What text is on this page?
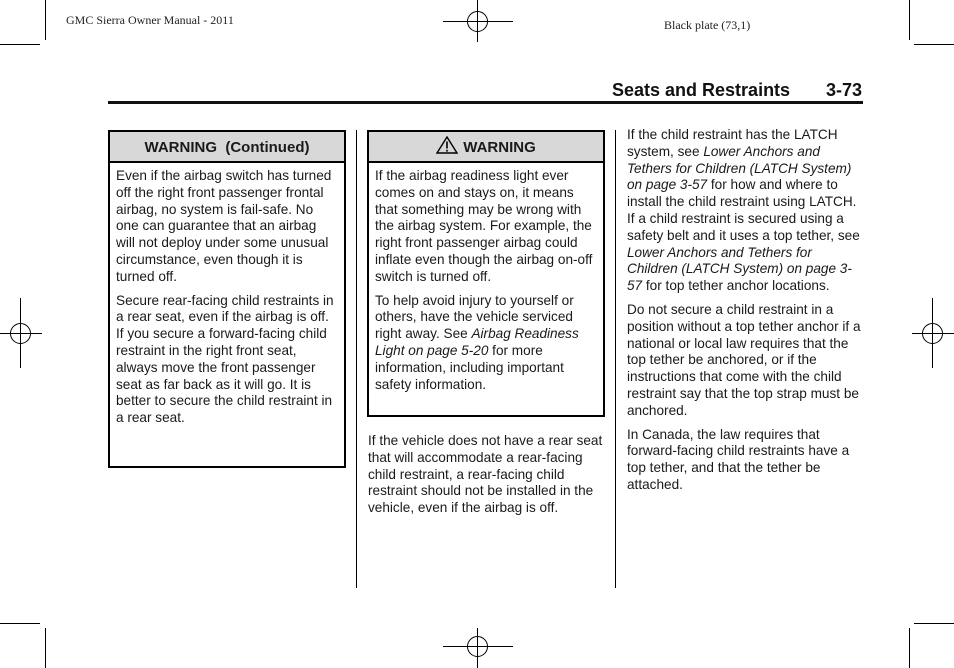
GMC Sierra Owner Manual - 2011	Black plate (73,1)
Seats and Restraints 3-73
WARNING  (Continued)

Even if the airbag switch has turned off the right front passenger frontal airbag, no system is fail-safe. No one can guarantee that an airbag will not deploy under some unusual circumstance, even though it is turned off.

Secure rear-facing child restraints in a rear seat, even if the airbag is off. If you secure a forward-facing child restraint in the right front seat, always move the front passenger seat as far back as it will go. It is better to secure the child restraint in a rear seat.

WARNING

If the airbag readiness light ever comes on and stays on, it means that something may be wrong with the airbag system. For example, the right front passenger airbag could inflate even though the airbag on-off switch is turned off.

To help avoid injury to yourself or others, have the vehicle serviced right away. See Airbag Readiness Light on page 5-20 for more information, including important safety information.

If the vehicle does not have a rear seat that will accommodate a rear-facing child restraint, a rear-facing child restraint should not be installed in the vehicle, even if the airbag is off.

If the child restraint has the LATCH system, see Lower Anchors and Tethers for Children (LATCH System) on page 3-57 for how and where to install the child restraint using LATCH. If a child restraint is secured using a safety belt and it uses a top tether, see Lower Anchors and Tethers for Children (LATCH System) on page 3-57 for top tether anchor locations.

Do not secure a child restraint in a position without a top tether anchor if a national or local law requires that the top tether be anchored, or if the instructions that come with the child restraint say that the top strap must be anchored.

In Canada, the law requires that forward-facing child restraints have a top tether, and that the tether be attached.
